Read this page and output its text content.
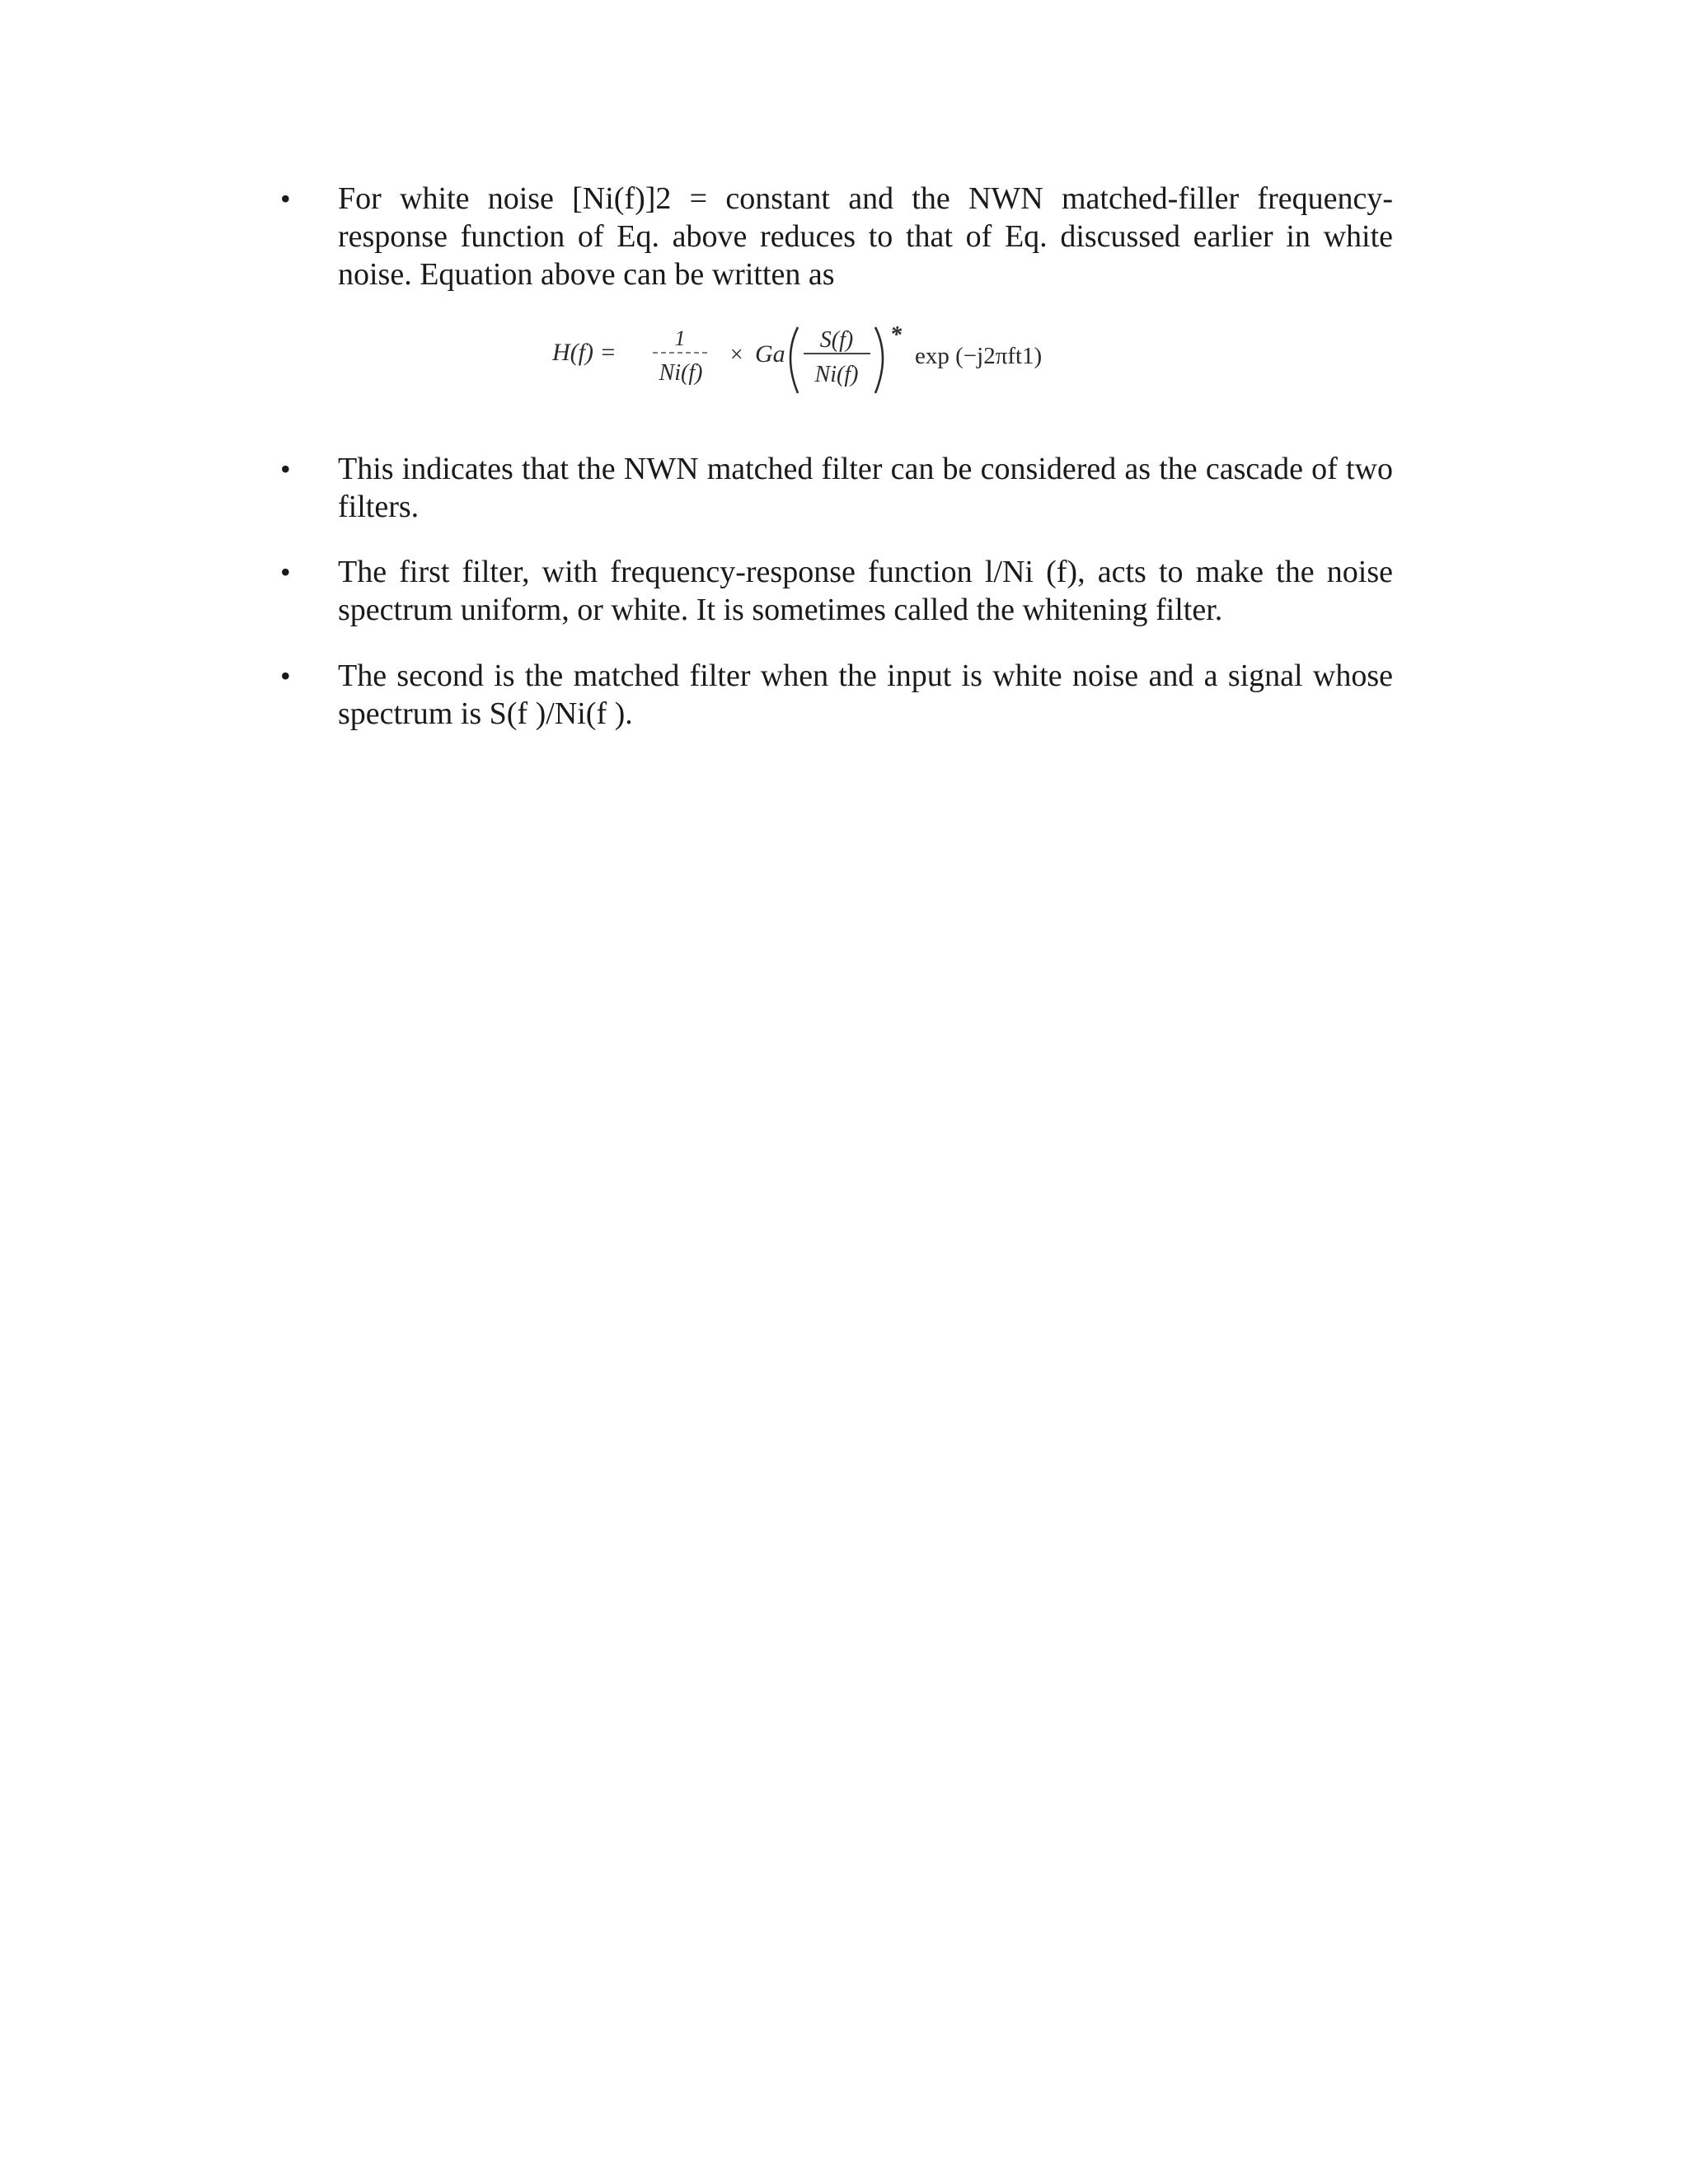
• For white noise [Ni(f)]2 = constant and the NWN matched-filler frequency-response function of Eq. above reduces to that of Eq. discussed earlier in white noise. Equation above can be written as
H(f) =
1
Ni(f)
× Ga
S(f)
Ni(f)
*
exp (−j2πft1)
• This indicates that the NWN matched filter can be considered as the cascade of two filters.
• The first filter, with frequency-response function l/Ni (f), acts to make the noise spectrum uniform, or white. It is sometimes called the whitening filter.
• The second is the matched filter when the input is white noise and a signal whose spectrum is S(f )/Ni(f ).
